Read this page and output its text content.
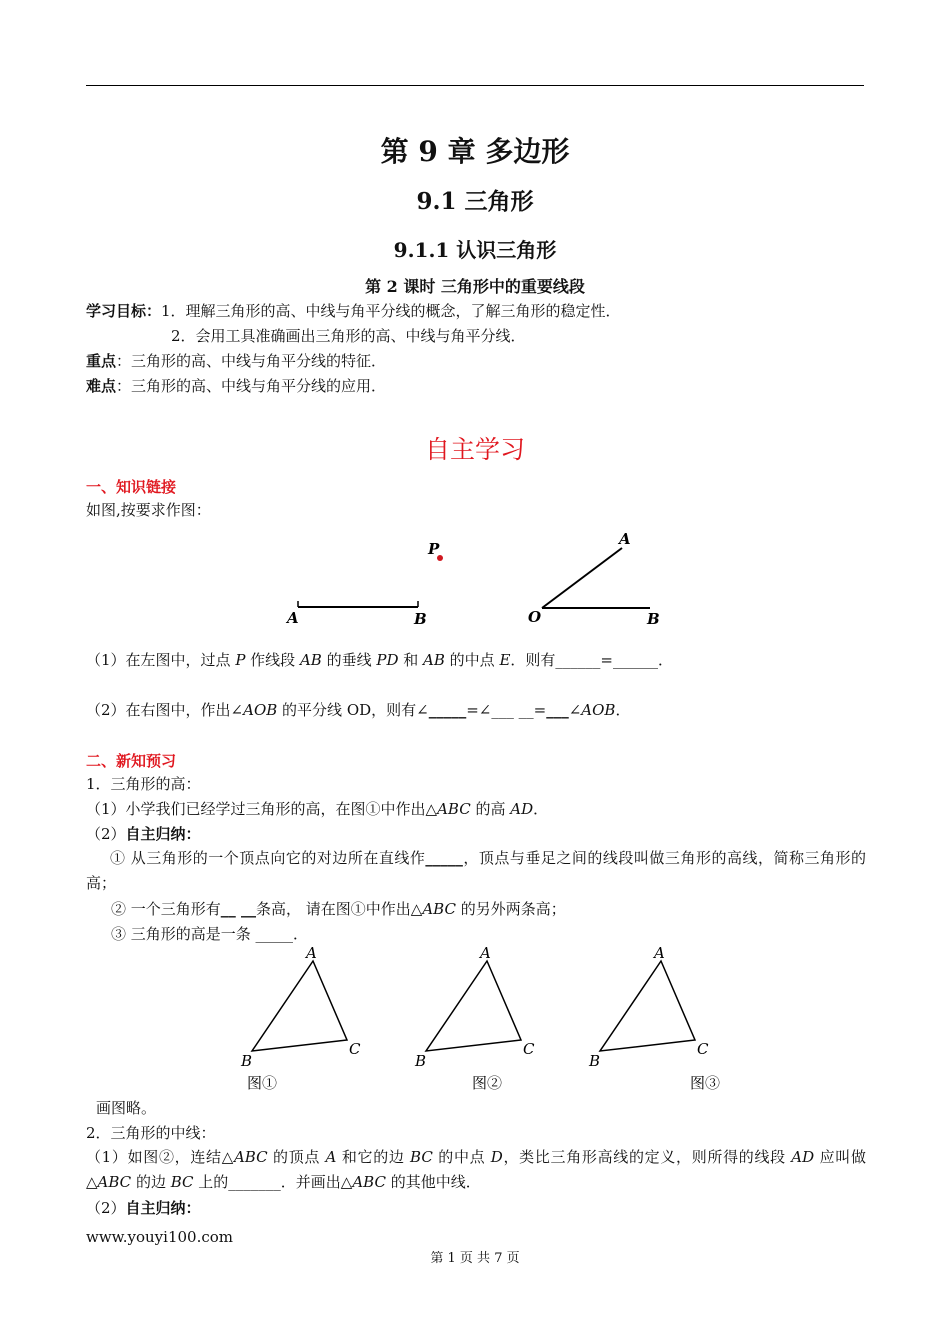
第 9 章 多边形
9.1 三角形
9.1.1 认识三角形
第 2 课时 三角形中的重要线段
学习目标：1．理解三角形的高、中线与角平分线的概念，了解三角形的稳定性．
2．会用工具准确画出三角形的高、中线与角平分线．
重点：三角形的高、中线与角平分线的特征．
难点：三角形的高、中线与角平分线的应用．
自主学习
一、知识链接
如图,按要求作图：
P
A	B
A
O	B
（1）在左图中，过点 P 作线段 AB 的垂线 PD 和 AB 的中点 E．则有______=______．
（2）在右图中，作出∠AOB 的平分线 OD，则有∠_____=∠___ __=___∠AOB．
二、新知预习
1．三角形的高：
（1）小学我们已经学过三角形的高，在图①中作出△ABC 的高 AD．
（2）自主归纳：
① 从三角形的一个顶点向它的对边所在直线作_____，顶点与垂足之间的线段叫做三角形的高线，简称三角形的高；
② 一个三角形有__ __条高， 请在图①中作出△ABC 的另外两条高；
③ 三角形的高是一条 _____．
A
B
C
图①
A
B
C
图②
A
B
C
图③
画图略。
2．三角形的中线：
（1）如图②，连结△ABC 的顶点 A 和它的边 BC 的中点 D，类比三角形高线的定义，则所得的线段 AD 应叫做△ABC 的边 BC 上的_______．并画出△ABC 的其他中线．
（2）自主归纳：
www.youyi100.com
第 1 页 共 7 页
